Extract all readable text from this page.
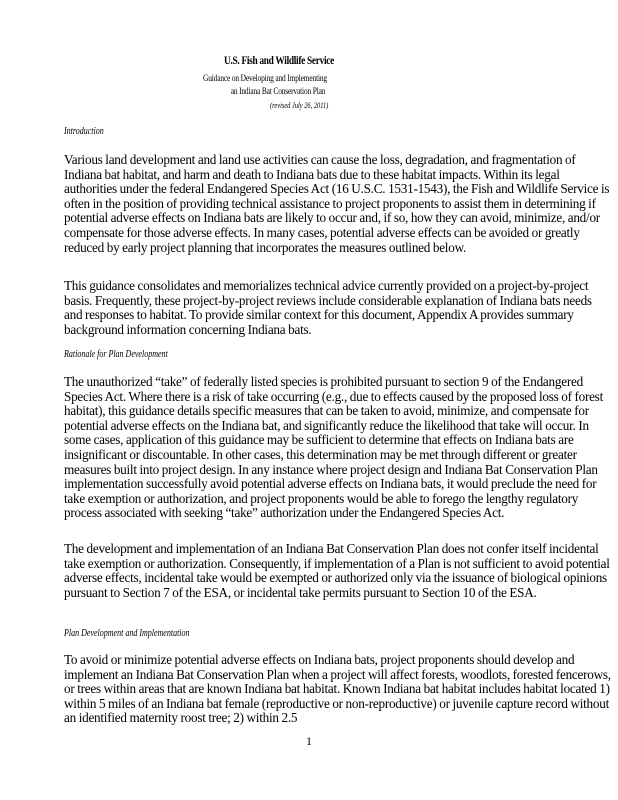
U.S. Fish and Wildlife Service
Guidance on Developing and Implementing
an Indiana Bat Conservation Plan
(revised July 26, 2011)
Introduction

Various land development and land use activities can cause the loss, degradation, and fragmentation of Indiana bat habitat, and harm and death to Indiana bats due to these habitat impacts. Within its legal authorities under the federal Endangered Species Act (16 U.S.C. 1531-1543), the Fish and Wildlife Service is often in the position of providing technical assistance to project proponents to assist them in determining if potential adverse effects on Indiana bats are likely to occur and, if so, how they can avoid, minimize, and/or compensate for those adverse effects. In many cases, potential adverse effects can be avoided or greatly reduced by early project planning that incorporates the measures outlined below.

This guidance consolidates and memorializes technical advice currently provided on a project-by-project basis. Frequently, these project-by-project reviews include considerable explanation of Indiana bats needs and responses to habitat. To provide similar context for this document, Appendix A provides summary background information concerning Indiana bats.

Rationale for Plan Development

The unauthorized “take” of federally listed species is prohibited pursuant to section 9 of the Endangered Species Act. Where there is a risk of take occurring (e.g., due to effects caused by the proposed loss of forest habitat), this guidance details specific measures that can be taken to avoid, minimize, and compensate for potential adverse effects on the Indiana bat, and significantly reduce the likelihood that take will occur. In some cases, application of this guidance may be sufficient to determine that effects on Indiana bats are insignificant or discountable. In other cases, this determination may be met through different or greater measures built into project design. In any instance where project design and Indiana Bat Conservation Plan implementation successfully avoid potential adverse effects on Indiana bats, it would preclude the need for take exemption or authorization, and project proponents would be able to forego the lengthy regulatory process associated with seeking “take” authorization under the Endangered Species Act.

The development and implementation of an Indiana Bat Conservation Plan does not confer itself incidental take exemption or authorization. Consequently, if implementation of a Plan is not sufficient to avoid potential adverse effects, incidental take would be exempted or authorized only via the issuance of biological opinions pursuant to Section 7 of the ESA, or incidental take permits pursuant to Section 10 of the ESA.

Plan Development and Implementation

To avoid or minimize potential adverse effects on Indiana bats, project proponents should develop and implement an Indiana Bat Conservation Plan when a project will affect forests, woodlots, forested fencerows, or trees within areas that are known Indiana bat habitat. Known Indiana bat habitat includes habitat located 1) within 5 miles of an Indiana bat female (reproductive or non-reproductive) or juvenile capture record without an identified maternity roost tree; 2) within 2.5

1
